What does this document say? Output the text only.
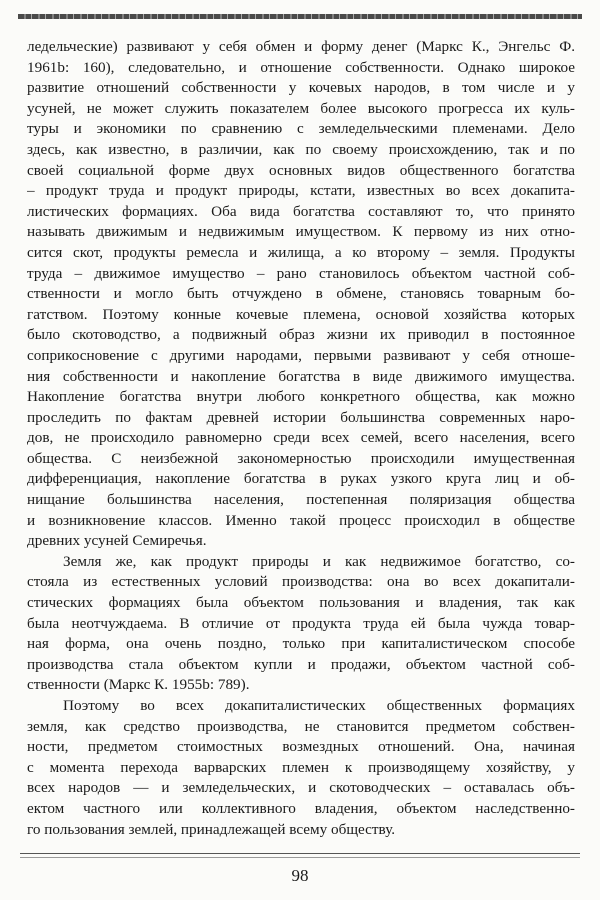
ледельческие) развивают у себя обмен и форму денег (Маркс К., Энгельс Ф.
1961b: 160), следовательно, и отношение собственности. Однако широкое
развитие отношений собственности у кочевых народов, в том числе и у
усуней, не может служить показателем более высокого прогресса их куль-
туры и экономики по сравнению с земледельческими племенами. Дело
здесь, как известно, в различии, как по своему происхождению, так и по
своей социальной форме двух основных видов общественного богатства
– продукт труда и продукт природы, кстати, известных во всех докапита-
листических формациях. Оба вида богатства составляют то, что принято
называть движимым и недвижимым имуществом. К первому из них отно-
сится скот, продукты ремесла и жилища, а ко второму – земля. Продукты
труда – движимое имущество – рано становилось объектом частной соб-
ственности и могло быть отчуждено в обмене, становясь товарным бо-
гатством. Поэтому конные кочевые племена, основой хозяйства которых
было скотоводство, а подвижный образ жизни их приводил в постоянное
соприкосновение с другими народами, первыми развивают у себя отноше-
ния собственности и накопление богатства в виде движимого имущества.
Накопление богатства внутри любого конкретного общества, как можно
проследить по фактам древней истории большинства современных наро-
дов, не происходило равномерно среди всех семей, всего населения, всего
общества. С неизбежной закономерностью происходили имущественная
дифференциация, накопление богатства в руках узкого круга лиц и об-
нищание большинства населения, постепенная поляризация общества
и возникновение классов. Именно такой процесс происходил в обществе
древних усуней Семиречья.
Земля же, как продукт природы и как недвижимое богатство, со-
стояла из естественных условий производства: она во всех докапитали-
стических формациях была объектом пользования и владения, так как
была неотчуждаема. В отличие от продукта труда ей была чужда товар-
ная форма, она очень поздно, только при капиталистическом способе
производства стала объектом купли и продажи, объектом частной соб-
ственности (Маркс К. 1955b: 789).
Поэтому во всех докапиталистических общественных формациях
земля, как средство производства, не становится предметом собствен-
ности, предметом стоимостных возмездных отношений. Она, начиная
с момента перехода варварских племен к производящему хозяйству, у
всех народов — и земледельческих, и скотоводческих – оставалась объ-
ектом частного или коллективного владения, объектом наследственно-
го пользования землей, принадлежащей всему обществу.
98
